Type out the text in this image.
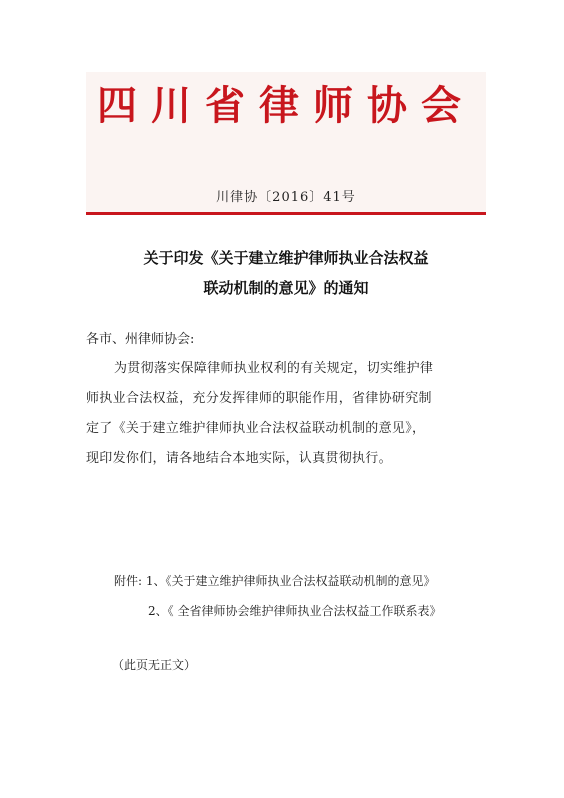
四川省律师协会
川律协〔2016〕41号
关于印发《关于建立维护律师执业合法权益
联动机制的意见》的通知
各市、州律师协会:
为贯彻落实保障律师执业权利的有关规定，切实维护律
师执业合法权益，充分发挥律师的职能作用，省律协研究制
定了《关于建立维护律师执业合法权益联动机制的意见》，
现印发你们，请各地结合本地实际，认真贯彻执行。
附件: 1、《关于建立维护律师执业合法权益联动机制的意见》
2、《 全省律师协会维护律师执业合法权益工作联系表》
（此页无正文）
